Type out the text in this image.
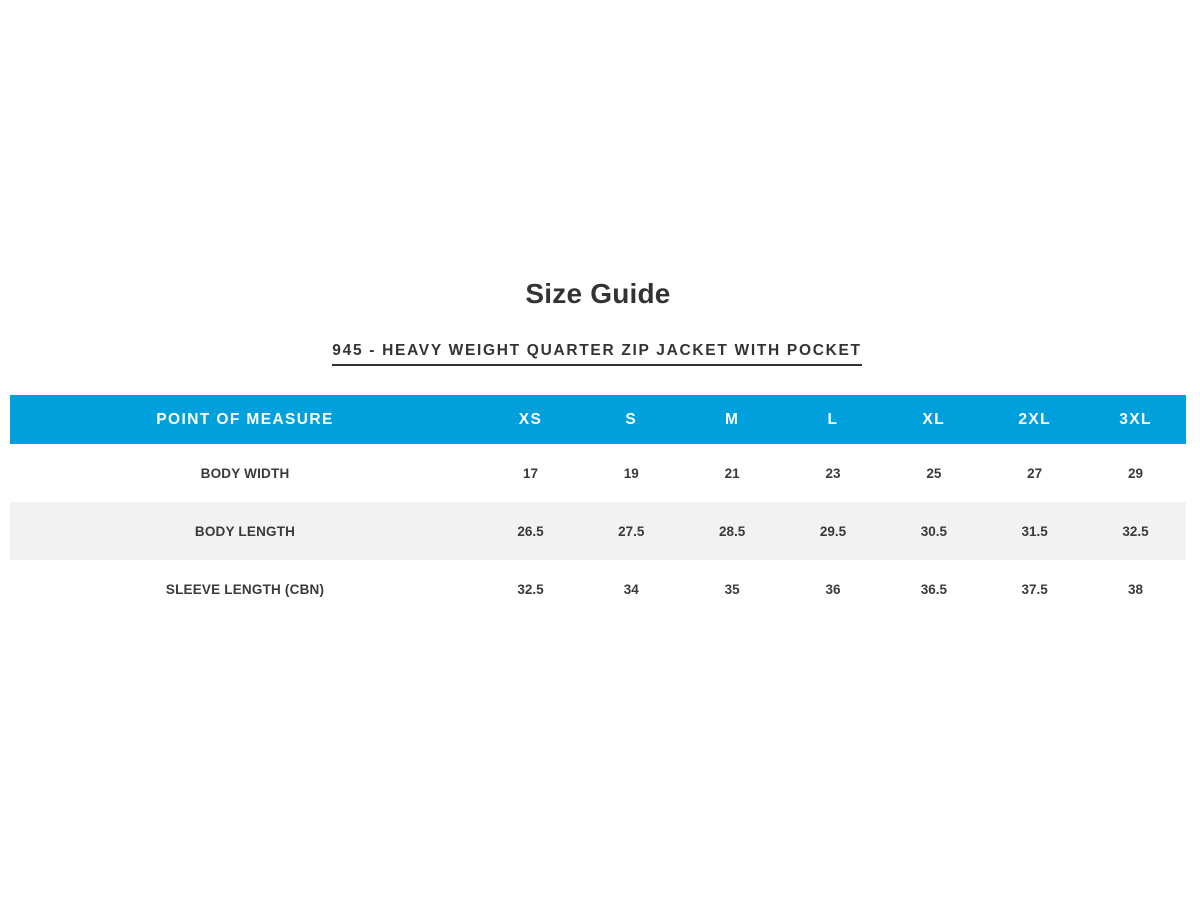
Size Guide
945 - HEAVY WEIGHT QUARTER ZIP JACKET WITH POCKET
POINT OF MEASURE	XS	S	M	L	XL	2XL	3XL
BODY WIDTH	17	19	21	23	25	27	29
BODY LENGTH	26.5	27.5	28.5	29.5	30.5	31.5	32.5
SLEEVE LENGTH (CBN)	32.5	34	35	36	36.5	37.5	38
